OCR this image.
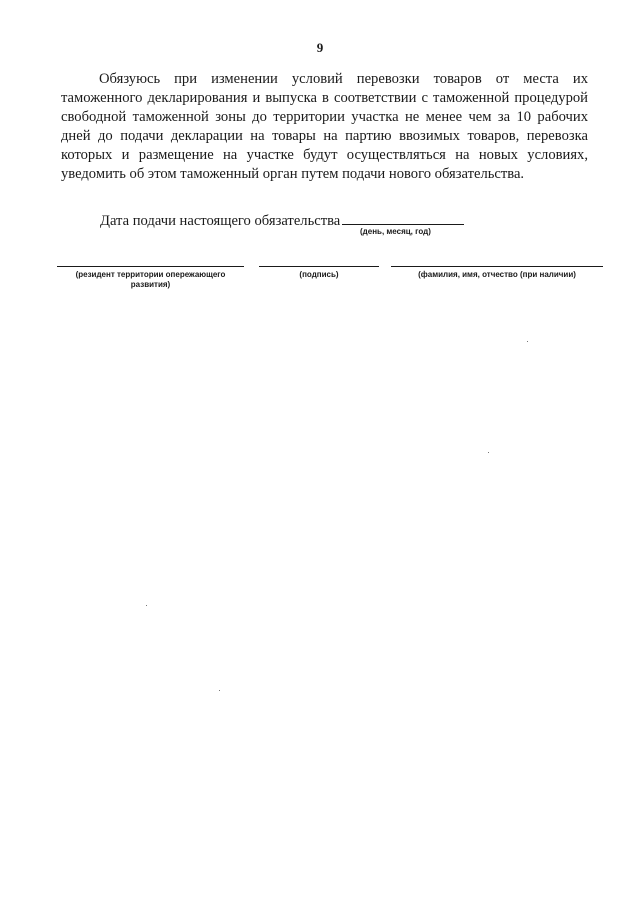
9

Обязуюсь при изменении условий перевозки товаров от места их таможенного декларирования и выпуска в соответствии с таможенной процедурой свободной таможенной зоны до территории участка не менее чем за 10 рабочих дней до подачи декларации на товары на партию ввозимых товаров, перевозка которых и размещение на участке будут осуществляться на новых условиях, уведомить об этом таможенный орган путем подачи нового обязательства.

Дата подачи настоящего обязательства
(день, месяц, год)
(резидент территории опережающего развития)
(подпись)	(фамилия, имя, отчество (при наличии)
